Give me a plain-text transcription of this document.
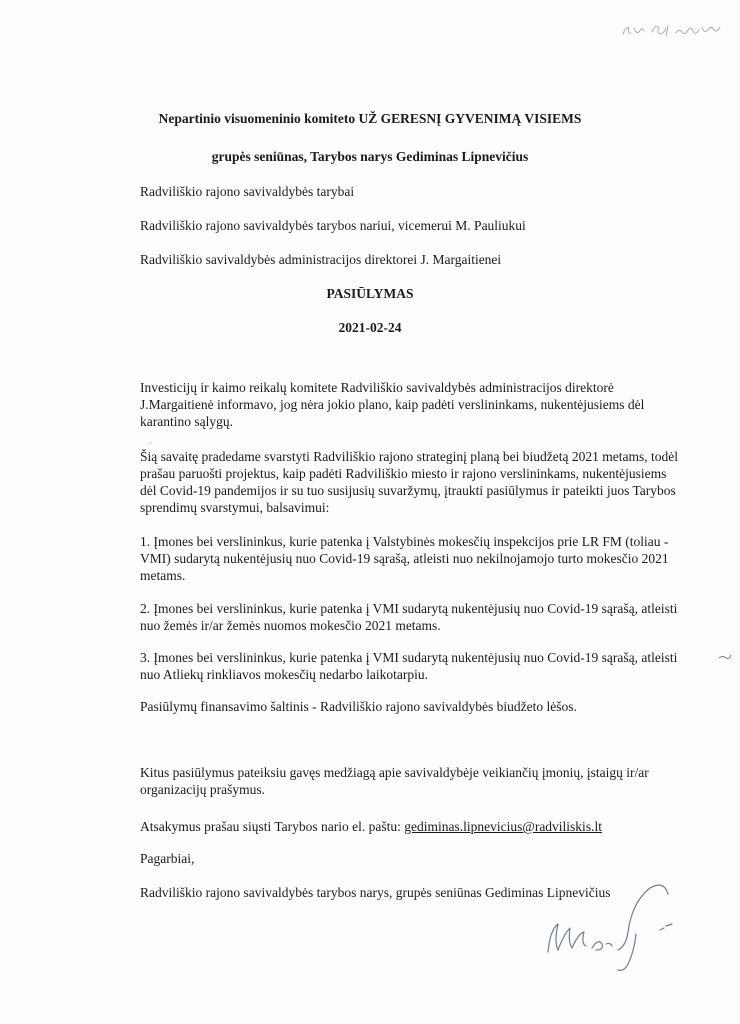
Nepartinio visuomeninio komiteto UŽ GERESNĮ GYVENIMĄ VISIEMS
grupės seniūnas, Tarybos narys Gediminas Lipnevičius
Radviliškio rajono savivaldybės tarybai
Radviliškio rajono savivaldybės tarybos nariui, vicemerui M. Pauliukui
Radviliškio savivaldybės administracijos direktorei J. Margaitienei
PASIŪLYMAS
2021-02-24
Investicijų ir kaimo reikalų komitete Radviliškio savivaldybės administracijos direktorė
J.Margaitienė informavo, jog nėra jokio plano, kaip padėti verslininkams, nukentėjusiems dėl
karantino sąlygų.
⸝
Šią savaitę pradedame svarstyti Radviliškio rajono strateginį planą bei biudžetą 2021 metams, todėl
prašau paruošti projektus, kaip padėti Radviliškio miesto ir rajono verslininkams, nukentėjusiems
dėl Covid-19 pandemijos ir su tuo susijusių suvaržymų, įtraukti pasiūlymus ir pateikti juos Tarybos
sprendimų svarstymui, balsavimui:
1. Įmones bei verslininkus, kurie patenka į Valstybinės mokesčių inspekcijos prie LR FM (toliau -
VMI) sudarytą nukentėjusių nuo Covid-19 sąrašą, atleisti nuo nekilnojamojo turto mokesčio 2021
metams.
2. Įmones bei verslininkus, kurie patenka į VMI sudarytą nukentėjusių nuo Covid-19 sąrašą, atleisti
nuo žemės ir/ar žemės nuomos mokesčio 2021 metams.
3. Įmones bei verslininkus, kurie patenka į VMI sudarytą nukentėjusių nuo Covid-19 sąrašą, atleisti
nuo Atliekų rinkliavos mokesčių nedarbo laikotarpiu.
Pasiūlymų finansavimo šaltinis - Radviliškio rajono savivaldybės biudžeto lėšos.
Kitus pasiūlymus pateiksiu gavęs medžiagą apie savivaldybėje veikiančių įmonių, įstaigų ir/ar
organizacijų prašymus.
Atsakymus prašau siųsti Tarybos nario el. paštu: gediminas.lipnevicius@radviliskis.lt
Pagarbiai,
Radviliškio rajono savivaldybės tarybos narys, grupės seniūnas Gediminas Lipnevičius
